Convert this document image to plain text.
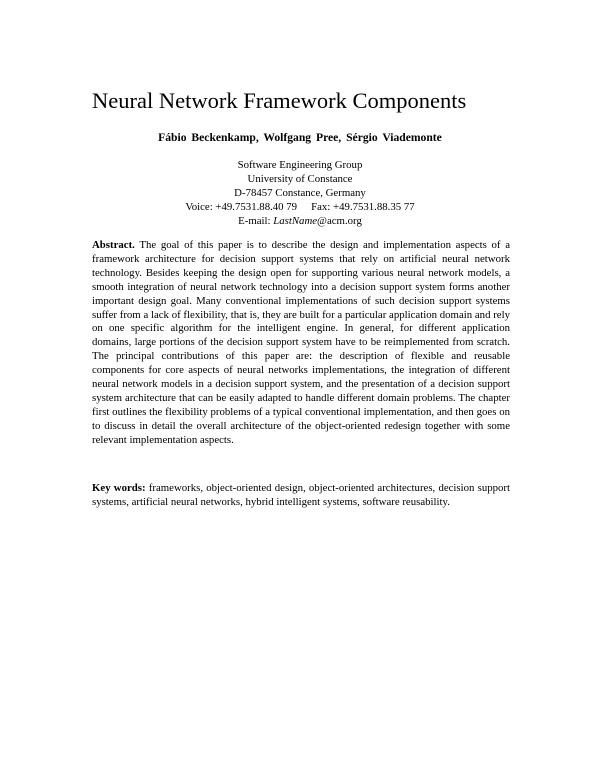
Neural Network Framework Components
Fábio Beckenkamp, Wolfgang Pree, Sérgio Viademonte
Software Engineering Group
University of Constance
D-78457 Constance, Germany
Voice: +49.7531.88.40 79 Fax: +49.7531.88.35 77
E-mail: LastName@acm.org
Abstract. The goal of this paper is to describe the design and implementation aspects of a framework architecture for decision support systems that rely on artificial neural network technology. Besides keeping the design open for supporting various neural network models, a smooth integration of neural network technology into a decision support system forms another important design goal. Many conventional implementations of such decision support systems suffer from a lack of flexibility, that is, they are built for a particular application domain and rely on one specific algorithm for the intelligent engine. In general, for different application domains, large portions of the decision support system have to be reimplemented from scratch. The principal contributions of this paper are: the description of flexible and reusable components for core aspects of neural networks implementations, the integration of different neural network models in a decision support system, and the presentation of a decision support system architecture that can be easily adapted to handle different domain problems. The chapter first outlines the flexibility problems of a typical conventional implementation, and then goes on to discuss in detail the overall architecture of the object-oriented redesign together with some relevant implementation aspects.
Key words: frameworks, object-oriented design, object-oriented architectures, decision support systems, artificial neural networks, hybrid intelligent systems, software reusability.
